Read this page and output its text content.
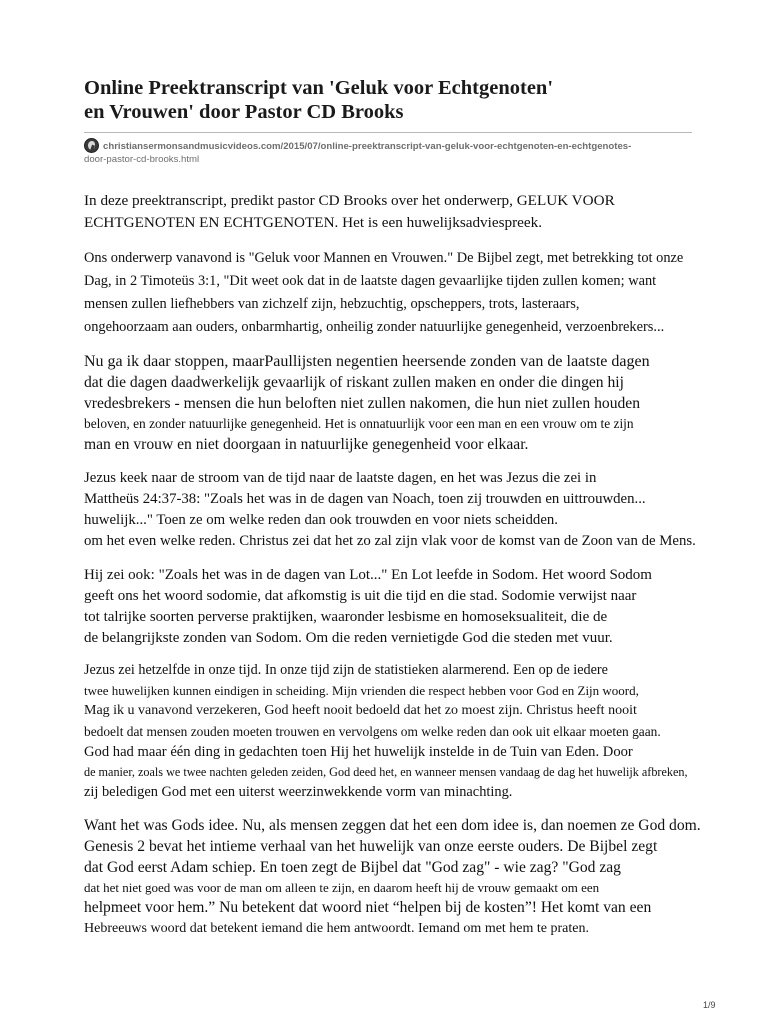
Online Preektranscript van 'Geluk voor Echtgenoten'
en Vrouwen' door Pastor CD Brooks
christiansermonsandmusicvideos.com/2015/07/online-preektranscript-van-geluk-voor-echtgenoten-en-echtgenotes-
door-pastor-cd-brooks.html

In deze preektranscript, predikt pastor CD Brooks over het onderwerp, GELUK VOOR
ECHTGENOTEN EN ECHTGENOTEN. Het is een huwelijksadviespreek.

Ons onderwerp vanavond is "Geluk voor Mannen en Vrouwen." De Bijbel zegt, met betrekking tot onze
Dag, in 2 Timoteüs 3:1, "Dit weet ook dat in de laatste dagen gevaarlijke tijden zullen komen; want
mensen zullen liefhebbers van zichzelf zijn, hebzuchtig, opscheppers, trots, lasteraars,
ongehoorzaam aan ouders, onbarmhartig, onheilig zonder natuurlijke genegenheid, verzoenbrekers...

Nu ga ik daar stoppen, maarPaullijsten negentien heersende zonden van de laatste dagen
dat die dagen daadwerkelijk gevaarlijk of riskant zullen maken en onder die dingen hij
vredesbrekers - mensen die hun beloften niet zullen nakomen, die hun niet zullen houden
beloven, en zonder natuurlijke genegenheid. Het is onnatuurlijk voor een man en een vrouw om te zijn
man en vrouw en niet doorgaan in natuurlijke genegenheid voor elkaar.

Jezus keek naar de stroom van de tijd naar de laatste dagen, en het was Jezus die zei in
Mattheüs 24:37-38: "Zoals het was in de dagen van Noach, toen zij trouwden en uittrouwden...
huwelijk..." Toen ze om welke reden dan ook trouwden en voor niets scheidden.
om het even welke reden. Christus zei dat het zo zal zijn vlak voor de komst van de Zoon van de Mens.

Hij zei ook: "Zoals het was in de dagen van Lot..." En Lot leefde in Sodom. Het woord Sodom
geeft ons het woord sodomie, dat afkomstig is uit die tijd en die stad. Sodomie verwijst naar
tot talrijke soorten perverse praktijken, waaronder lesbisme en homoseksualiteit, die de
de belangrijkste zonden van Sodom. Om die reden vernietigde God die steden met vuur.

Jezus zei hetzelfde in onze tijd. In onze tijd zijn de statistieken alarmerend. Een op de iedere
twee huwelijken kunnen eindigen in scheiding. Mijn vrienden die respect hebben voor God en Zijn woord,
Mag ik u vanavond verzekeren, God heeft nooit bedoeld dat het zo moest zijn. Christus heeft nooit
bedoelt dat mensen zouden moeten trouwen en vervolgens om welke reden dan ook uit elkaar moeten gaan.
God had maar één ding in gedachten toen Hij het huwelijk instelde in de Tuin van Eden. Door
de manier, zoals we twee nachten geleden zeiden, God deed het, en wanneer mensen vandaag de dag het huwelijk afbreken,
zij beledigen God met een uiterst weerzinwekkende vorm van minachting.

Want het was Gods idee. Nu, als mensen zeggen dat het een dom idee is, dan noemen ze God dom.
Genesis 2 bevat het intieme verhaal van het huwelijk van onze eerste ouders. De Bijbel zegt
dat God eerst Adam schiep. En toen zegt de Bijbel dat "God zag" - wie zag? "God zag
dat het niet goed was voor de man om alleen te zijn, en daarom heeft hij de vrouw gemaakt om een
helpmeet voor hem.” Nu betekent dat woord niet “helpen bij de kosten”! Het komt van een
Hebreeuws woord dat betekent iemand die hem antwoordt. Iemand om met hem te praten.

1/9
